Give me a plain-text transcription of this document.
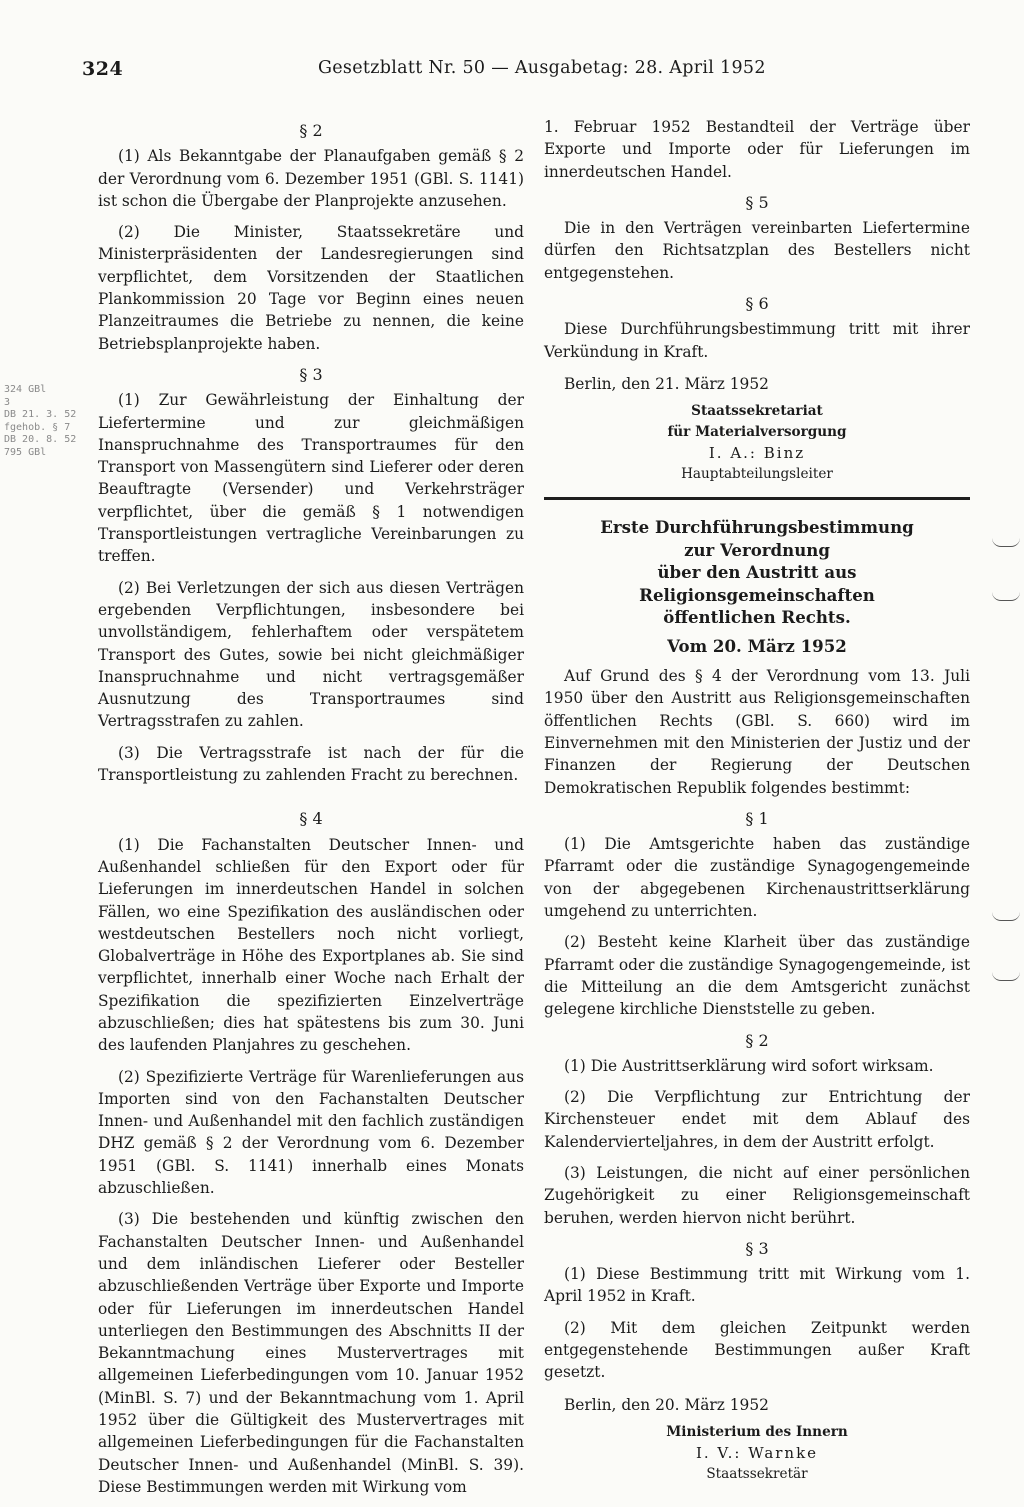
324	Gesetzblatt Nr. 50 — Ausgabetag: 28. April 1952
324 GBl
3
DB 21. 3. 52
fgehob. § 7
DB 20. 8. 52
795 GBl
§ 2

(1) Als Bekanntgabe der Planaufgaben gemäß § 2 der Verordnung vom 6. Dezember 1951 (GBl. S. 1141) ist schon die Übergabe der Planprojekte anzusehen.

(2) Die Minister, Staatssekretäre und Ministerpräsidenten der Landesregierungen sind verpflichtet, dem Vorsitzenden der Staatlichen Plankommission 20 Tage vor Beginn eines neuen Planzeitraumes die Betriebe zu nennen, die keine Betriebsplanprojekte haben.

§ 3

(1) Zur Gewährleistung der Einhaltung der Liefertermine und zur gleichmäßigen Inanspruchnahme des Transportraumes für den Transport von Massengütern sind Lieferer oder deren Beauftragte (Versender) und Verkehrsträger verpflichtet, über die gemäß § 1 notwendigen Transportleistungen vertragliche Vereinbarungen zu treffen.

(2) Bei Verletzungen der sich aus diesen Verträgen ergebenden Verpflichtungen, insbesondere bei unvollständigem, fehlerhaftem oder verspätetem Transport des Gutes, sowie bei nicht gleichmäßiger Inanspruchnahme und nicht vertragsgemäßer Ausnutzung des Transportraumes sind Vertragsstrafen zu zahlen.

(3) Die Vertragsstrafe ist nach der für die Transportleistung zu zahlenden Fracht zu berechnen.

§ 4

(1) Die Fachanstalten Deutscher Innen- und Außenhandel schließen für den Export oder für Lieferungen im innerdeutschen Handel in solchen Fällen, wo eine Spezifikation des ausländischen oder westdeutschen Bestellers noch nicht vorliegt, Globalverträge in Höhe des Exportplanes ab. Sie sind verpflichtet, innerhalb einer Woche nach Erhalt der Spezifikation die spezifizierten Einzelverträge abzuschließen; dies hat spätestens bis zum 30. Juni des laufenden Planjahres zu geschehen.

(2) Spezifizierte Verträge für Warenlieferungen aus Importen sind von den Fachanstalten Deutscher Innen- und Außenhandel mit den fachlich zuständigen DHZ gemäß § 2 der Verordnung vom 6. Dezember 1951 (GBl. S. 1141) innerhalb eines Monats abzuschließen.

(3) Die bestehenden und künftig zwischen den Fachanstalten Deutscher Innen- und Außenhandel und dem inländischen Lieferer oder Besteller abzuschließenden Verträge über Exporte und Importe oder für Lieferungen im innerdeutschen Handel unterliegen den Bestimmungen des Abschnitts II der Bekanntmachung eines Mustervertrages mit allgemeinen Lieferbedingungen vom 10. Januar 1952 (MinBl. S. 7) und der Bekanntmachung vom 1. April 1952 über die Gültigkeit des Mustervertrages mit allgemeinen Lieferbedingungen für die Fachanstalten Deutscher Innen- und Außenhandel (MinBl. S. 39). Diese Bestimmungen werden mit Wirkung vom

1. Februar 1952 Bestandteil der Verträge über Exporte und Importe oder für Lieferungen im innerdeutschen Handel.

§ 5

Die in den Verträgen vereinbarten Liefertermine dürfen den Richtsatzplan des Bestellers nicht entgegenstehen.

§ 6

Diese Durchführungsbestimmung tritt mit ihrer Verkündung in Kraft.

Berlin, den 21. März 1952
Staatssekretariat
für Materialversorgung
I. A.: Binz
Hauptabteilungsleiter
Erste Durchführungsbestimmung
zur Verordnung
über den Austritt aus Religionsgemeinschaften
öffentlichen Rechts.
Vom 20. März 1952

Auf Grund des § 4 der Verordnung vom 13. Juli 1950 über den Austritt aus Religionsgemeinschaften öffentlichen Rechts (GBl. S. 660) wird im Einvernehmen mit den Ministerien der Justiz und der Finanzen der Regierung der Deutschen Demokratischen Republik folgendes bestimmt:

§ 1

(1) Die Amtsgerichte haben das zuständige Pfarramt oder die zuständige Synagogengemeinde von der abgegebenen Kirchenaustrittserklärung umgehend zu unterrichten.

(2) Besteht keine Klarheit über das zuständige Pfarramt oder die zuständige Synagogengemeinde, ist die Mitteilung an die dem Amtsgericht zunächst gelegene kirchliche Dienststelle zu geben.

§ 2

(1) Die Austrittserklärung wird sofort wirksam.

(2) Die Verpflichtung zur Entrichtung der Kirchensteuer endet mit dem Ablauf des Kalendervierteljahres, in dem der Austritt erfolgt.

(3) Leistungen, die nicht auf einer persönlichen Zugehörigkeit zu einer Religionsgemeinschaft beruhen, werden hiervon nicht berührt.

§ 3

(1) Diese Bestimmung tritt mit Wirkung vom 1. April 1952 in Kraft.

(2) Mit dem gleichen Zeitpunkt werden entgegenstehende Bestimmungen außer Kraft gesetzt.

Berlin, den 20. März 1952
Ministerium des Innern
I. V.: Warnke
Staatssekretär
